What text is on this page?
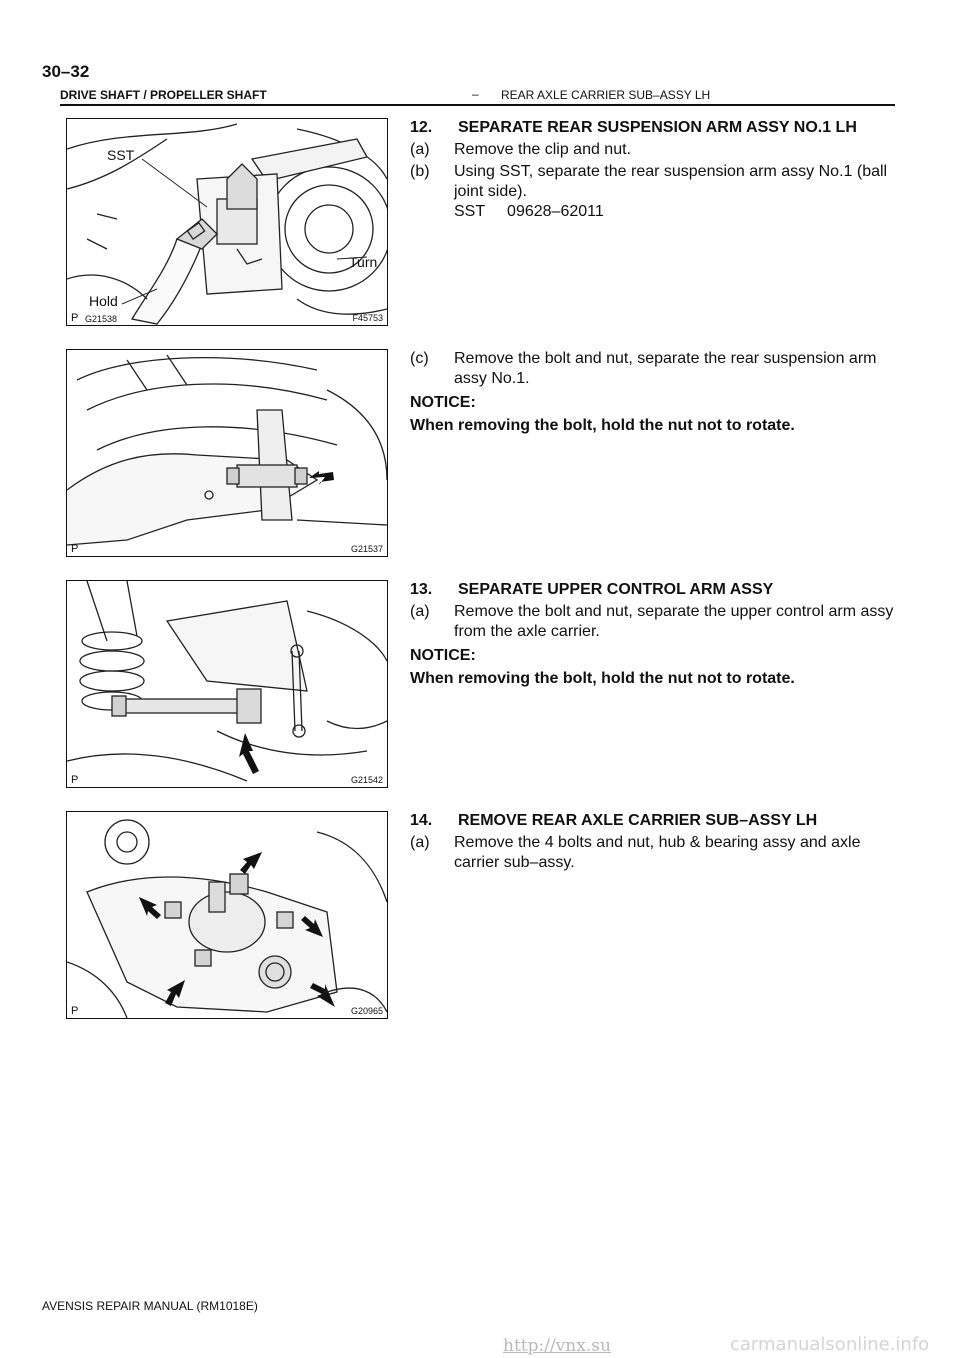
30–32
DRIVE SHAFT / PROPELLER SHAFT	– REAR AXLE CARRIER SUB–ASSY LH
SST
Turn
Hold
P G21538	F45753
P	G21537
P	G21542
P	G20965
12. SEPARATE REAR SUSPENSION ARM ASSY NO.1 LH
(a) Remove the clip and nut.
(b) Using SST, separate the rear suspension arm assy No.1 (ball joint side).
SST     09628–62011
(c) Remove the bolt and nut, separate the rear suspension arm assy No.1.
NOTICE:
When removing the bolt, hold the nut not to rotate.
13. SEPARATE UPPER CONTROL ARM ASSY
(a) Remove the bolt and nut, separate the upper control arm assy from the axle carrier.
NOTICE:
When removing the bolt, hold the nut not to rotate.
14. REMOVE REAR AXLE CARRIER SUB–ASSY LH
(a) Remove the 4 bolts and nut, hub & bearing assy and axle carrier sub–assy.
AVENSIS REPAIR MANUAL (RM1018E)
http://vnx.su	carmanualsonline.info
